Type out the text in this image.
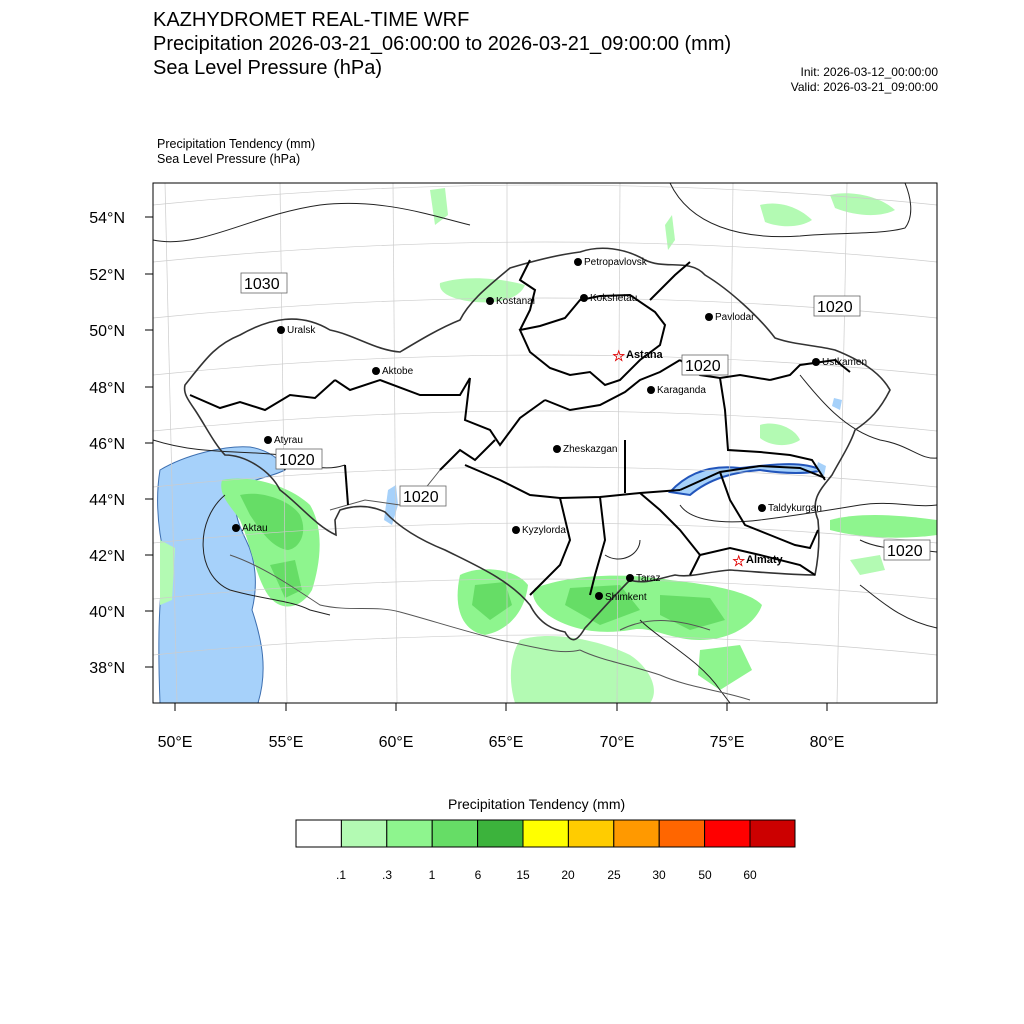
KAZHYDROMET REAL-TIME WRF
Precipitation 2026-03-21_06:00:00 to 2026-03-21_09:00:00 (mm)
Sea Level Pressure (hPa)	Init: 2026-03-12_00:00:00
Valid: 2026-03-21_09:00:00
Precipitation Tendency (mm)
Sea Level Pressure (hPa)
54°N
52°N
50°N
48°N
46°N
44°N
42°N
40°N
38°N
50°E	55°E	60°E	65°E	70°E	75°E	80°E
1030
1020
1020
1020
1020
1020
Petropavlovsk
Kostanai	Kokshetau
Pavlodar
Uralsk
☆ Astana
Ustkamen
Aktobe
Karaganda
Atyrau
Zheskazgan
Aktau	Kyzylorda
Taldykurgan
☆ Almaty
Taraz
Shimkent
Precipitation Tendency (mm)
.1	.3	1	6	15	20	25	30	50	60
